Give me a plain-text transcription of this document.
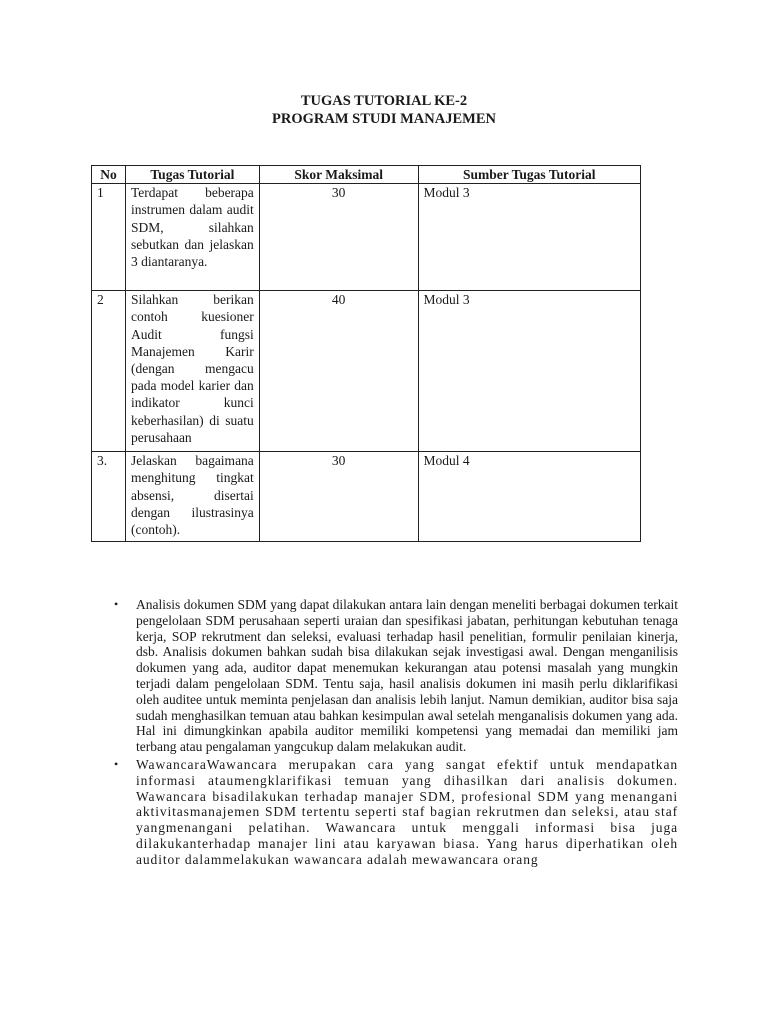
TUGAS TUTORIAL KE-2
PROGRAM STUDI MANAJEMEN
No	Tugas Tutorial	Skor Maksimal	Sumber Tugas Tutorial
1	Terdapat beberapa instrumen dalam audit SDM, silahkan sebutkan dan jelaskan 3 diantaranya.	30	Modul 3
2	Silahkan berikan contoh kuesioner Audit fungsi Manajemen Karir (dengan mengacu pada model karier dan indikator kunci keberhasilan) di suatu perusahaan	40	Modul 3
3.	Jelaskan bagaimana menghitung tingkat absensi, disertai dengan ilustrasinya (contoh).	30	Modul 4
• Analisis dokumen SDM yang dapat dilakukan antara lain dengan meneliti berbagai dokumen terkait pengelolaan SDM perusahaan seperti uraian dan spesifikasi jabatan, perhitungan kebutuhan tenaga kerja, SOP rekrutment dan seleksi, evaluasi terhadap hasil penelitian, formulir penilaian kinerja, dsb. Analisis dokumen bahkan sudah bisa dilakukan sejak investigasi awal. Dengan menganilisis dokumen yang ada, auditor dapat menemukan kekurangan atau potensi masalah yang mungkin terjadi dalam pengelolaan SDM. Tentu saja, hasil analisis dokumen ini masih perlu diklarifikasi oleh auditee untuk meminta penjelasan dan analisis lebih lanjut. Namun demikian, auditor bisa saja sudah menghasilkan temuan atau bahkan kesimpulan awal setelah menganalisis dokumen yang ada. Hal ini dimungkinkan apabila auditor memiliki kompetensi yang memadai dan memiliki jam terbang atau pengalaman yangcukup dalam melakukan audit.
• WawancaraWawancara merupakan cara yang sangat efektif untuk mendapatkan informasi ataumengklarifikasi temuan yang dihasilkan dari analisis dokumen. Wawancara bisadilakukan terhadap manajer SDM, profesional SDM yang menangani aktivitasmanajemen SDM tertentu seperti staf bagian rekrutmen dan seleksi, atau staf yangmenangani pelatihan. Wawancara untuk menggali informasi bisa juga dilakukanterhadap manajer lini atau karyawan biasa. Yang harus diperhatikan oleh auditor dalammelakukan wawancara adalah mewawancara orang
